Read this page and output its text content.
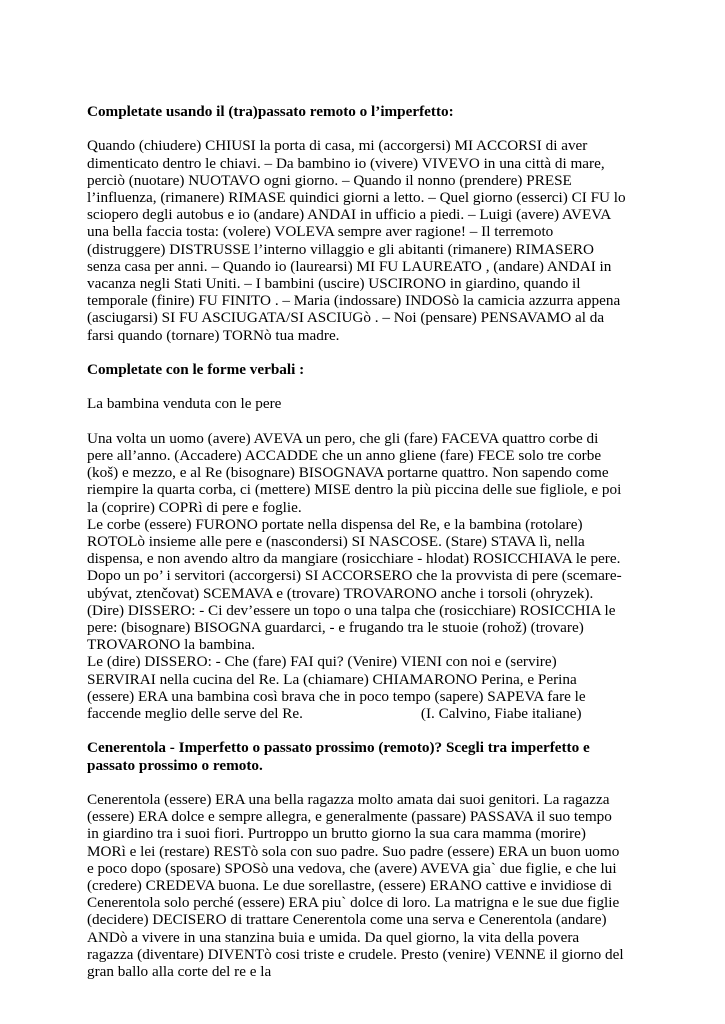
Completate usando il (tra)passato remoto o l’imperfetto:

Quando (chiudere) CHIUSI la porta di casa, mi (accorgersi) MI ACCORSI di aver dimenticato dentro le chiavi. – Da bambino io (vivere) VIVEVO in una città di mare, perciò (nuotare) NUOTAVO ogni giorno. – Quando il nonno (prendere) PRESE l’influenza, (rimanere) RIMASE quindici giorni a letto. – Quel giorno (esserci) CI FU lo sciopero degli autobus e io (andare) ANDAI in ufficio a piedi. – Luigi (avere) AVEVA una bella faccia tosta: (volere) VOLEVA sempre aver ragione! – Il terremoto (distruggere) DISTRUSSE l’interno villaggio e gli abitanti (rimanere) RIMASERO senza casa per anni. – Quando io (laurearsi) MI FU LAUREATO , (andare) ANDAI in vacanza negli Stati Uniti. – I bambini (uscire) USCIRONO in giardino, quando il temporale (finire) FU FINITO . – Maria (indossare) INDOSò la camicia azzurra appena (asciugarsi) SI FU ASCIUGATA/SI ASCIUGò . – Noi (pensare) PENSAVAMO al da farsi quando (tornare) TORNò tua madre.

Completate con le forme verbali :

La bambina venduta con le pere

Una volta un uomo (avere) AVEVA un pero, che gli (fare) FACEVA quattro corbe di pere all’anno. (Accadere) ACCADDE che un anno gliene (fare) FECE solo tre corbe (koš) e mezzo, e al Re (bisognare) BISOGNAVA portarne quattro. Non sapendo come riempire la quarta corba, ci (mettere) MISE dentro la più piccina delle sue figliole, e poi la (coprire) COPRì di pere e foglie.

Le corbe (essere) FURONO portate nella dispensa del Re, e la bambina (rotolare) ROTOLò insieme alle pere e (nascondersi) SI NASCOSE. (Stare) STAVA lì, nella dispensa, e non avendo altro da mangiare (rosicchiare - hlodat) ROSICCHIAVA le pere. Dopo un po’ i servitori (accorgersi) SI ACCORSERO che la provvista di pere (scemare-ubývat, ztenčovat) SCEMAVA e (trovare) TROVARONO anche i torsoli (ohryzek). (Dire) DISSERO: - Ci dev’essere un topo o una talpa che (rosicchiare) ROSICCHIA le pere: (bisognare) BISOGNA guardarci, - e frugando tra le stuoie (rohož) (trovare) TROVARONO la bambina.

Le (dire) DISSERO: - Che (fare) FAI qui? (Venire) VIENI con noi e (servire) SERVIRAI nella cucina del Re. La (chiamare) CHIAMARONO Perina, e Perina (essere) ERA una bambina così brava che in poco tempo (sapere) SAPEVA fare le faccende meglio delle serve del Re.	(I. Calvino, Fiabe italiane)

Cenerentola - Imperfetto o passato prossimo (remoto)? Scegli tra imperfetto e passato prossimo o remoto.

Cenerentola (essere) ERA una bella ragazza molto amata dai suoi genitori. La ragazza (essere) ERA dolce e sempre allegra, e generalmente (passare) PASSAVA il suo tempo in giardino tra i suoi fiori. Purtroppo un brutto giorno la sua cara mamma (morire) MORì e lei (restare) RESTò sola con suo padre. Suo padre (essere) ERA un buon uomo e poco dopo (sposare) SPOSò una vedova, che (avere) AVEVA gia` due figlie, e che lui (credere) CREDEVA buona. Le due sorellastre, (essere) ERANO cattive e invidiose di Cenerentola solo perché (essere) ERA piu` dolce di loro. La matrigna e le sue due figlie (decidere) DECISERO di trattare Cenerentola come una serva e Cenerentola (andare) ANDò a vivere in una stanzina buia e umida. Da quel giorno, la vita della povera ragazza (diventare) DIVENTò cosi triste e crudele. Presto (venire) VENNE il giorno del gran ballo alla corte del re e la
